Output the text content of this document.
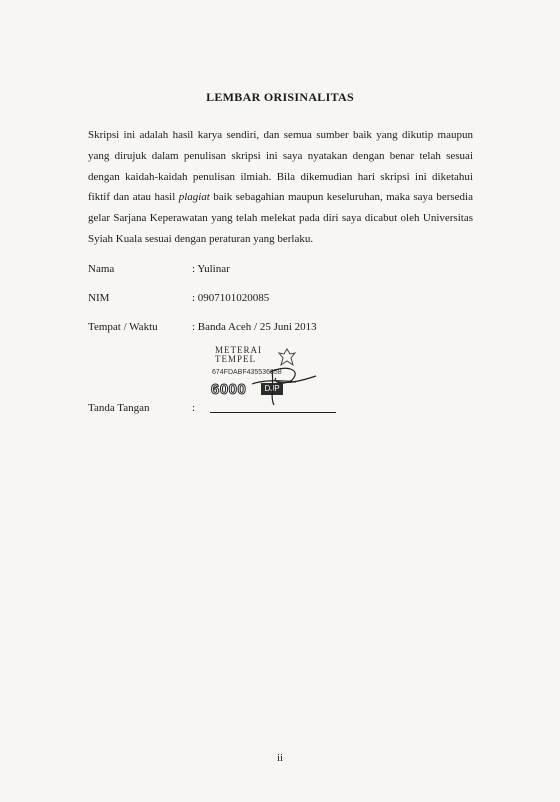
LEMBAR ORISINALITAS
Skripsi ini adalah hasil karya sendiri, dan semua sumber baik yang dikutip maupun yang dirujuk dalam penulisan skripsi ini saya nyatakan dengan benar telah sesuai dengan kaidah-kaidah penulisan ilmiah. Bila dikemudian hari skripsi ini diketahui fiktif dan atau hasil plagiat baik sebagahian maupun keseluruhan, maka saya bersedia gelar Sarjana Keperawatan yang telah melekat pada diri saya dicabut oleh Universitas Syiah Kuala sesuai dengan peraturan yang berlaku.
Nama	: Yulinar
NIM	: 0907101020085
Tempat / Waktu	: Banda Aceh / 25 Juni 2013
Tanda Tangan	:
METERAI
TEMPEL
674FDABF435536858
6000	DJP
ii
